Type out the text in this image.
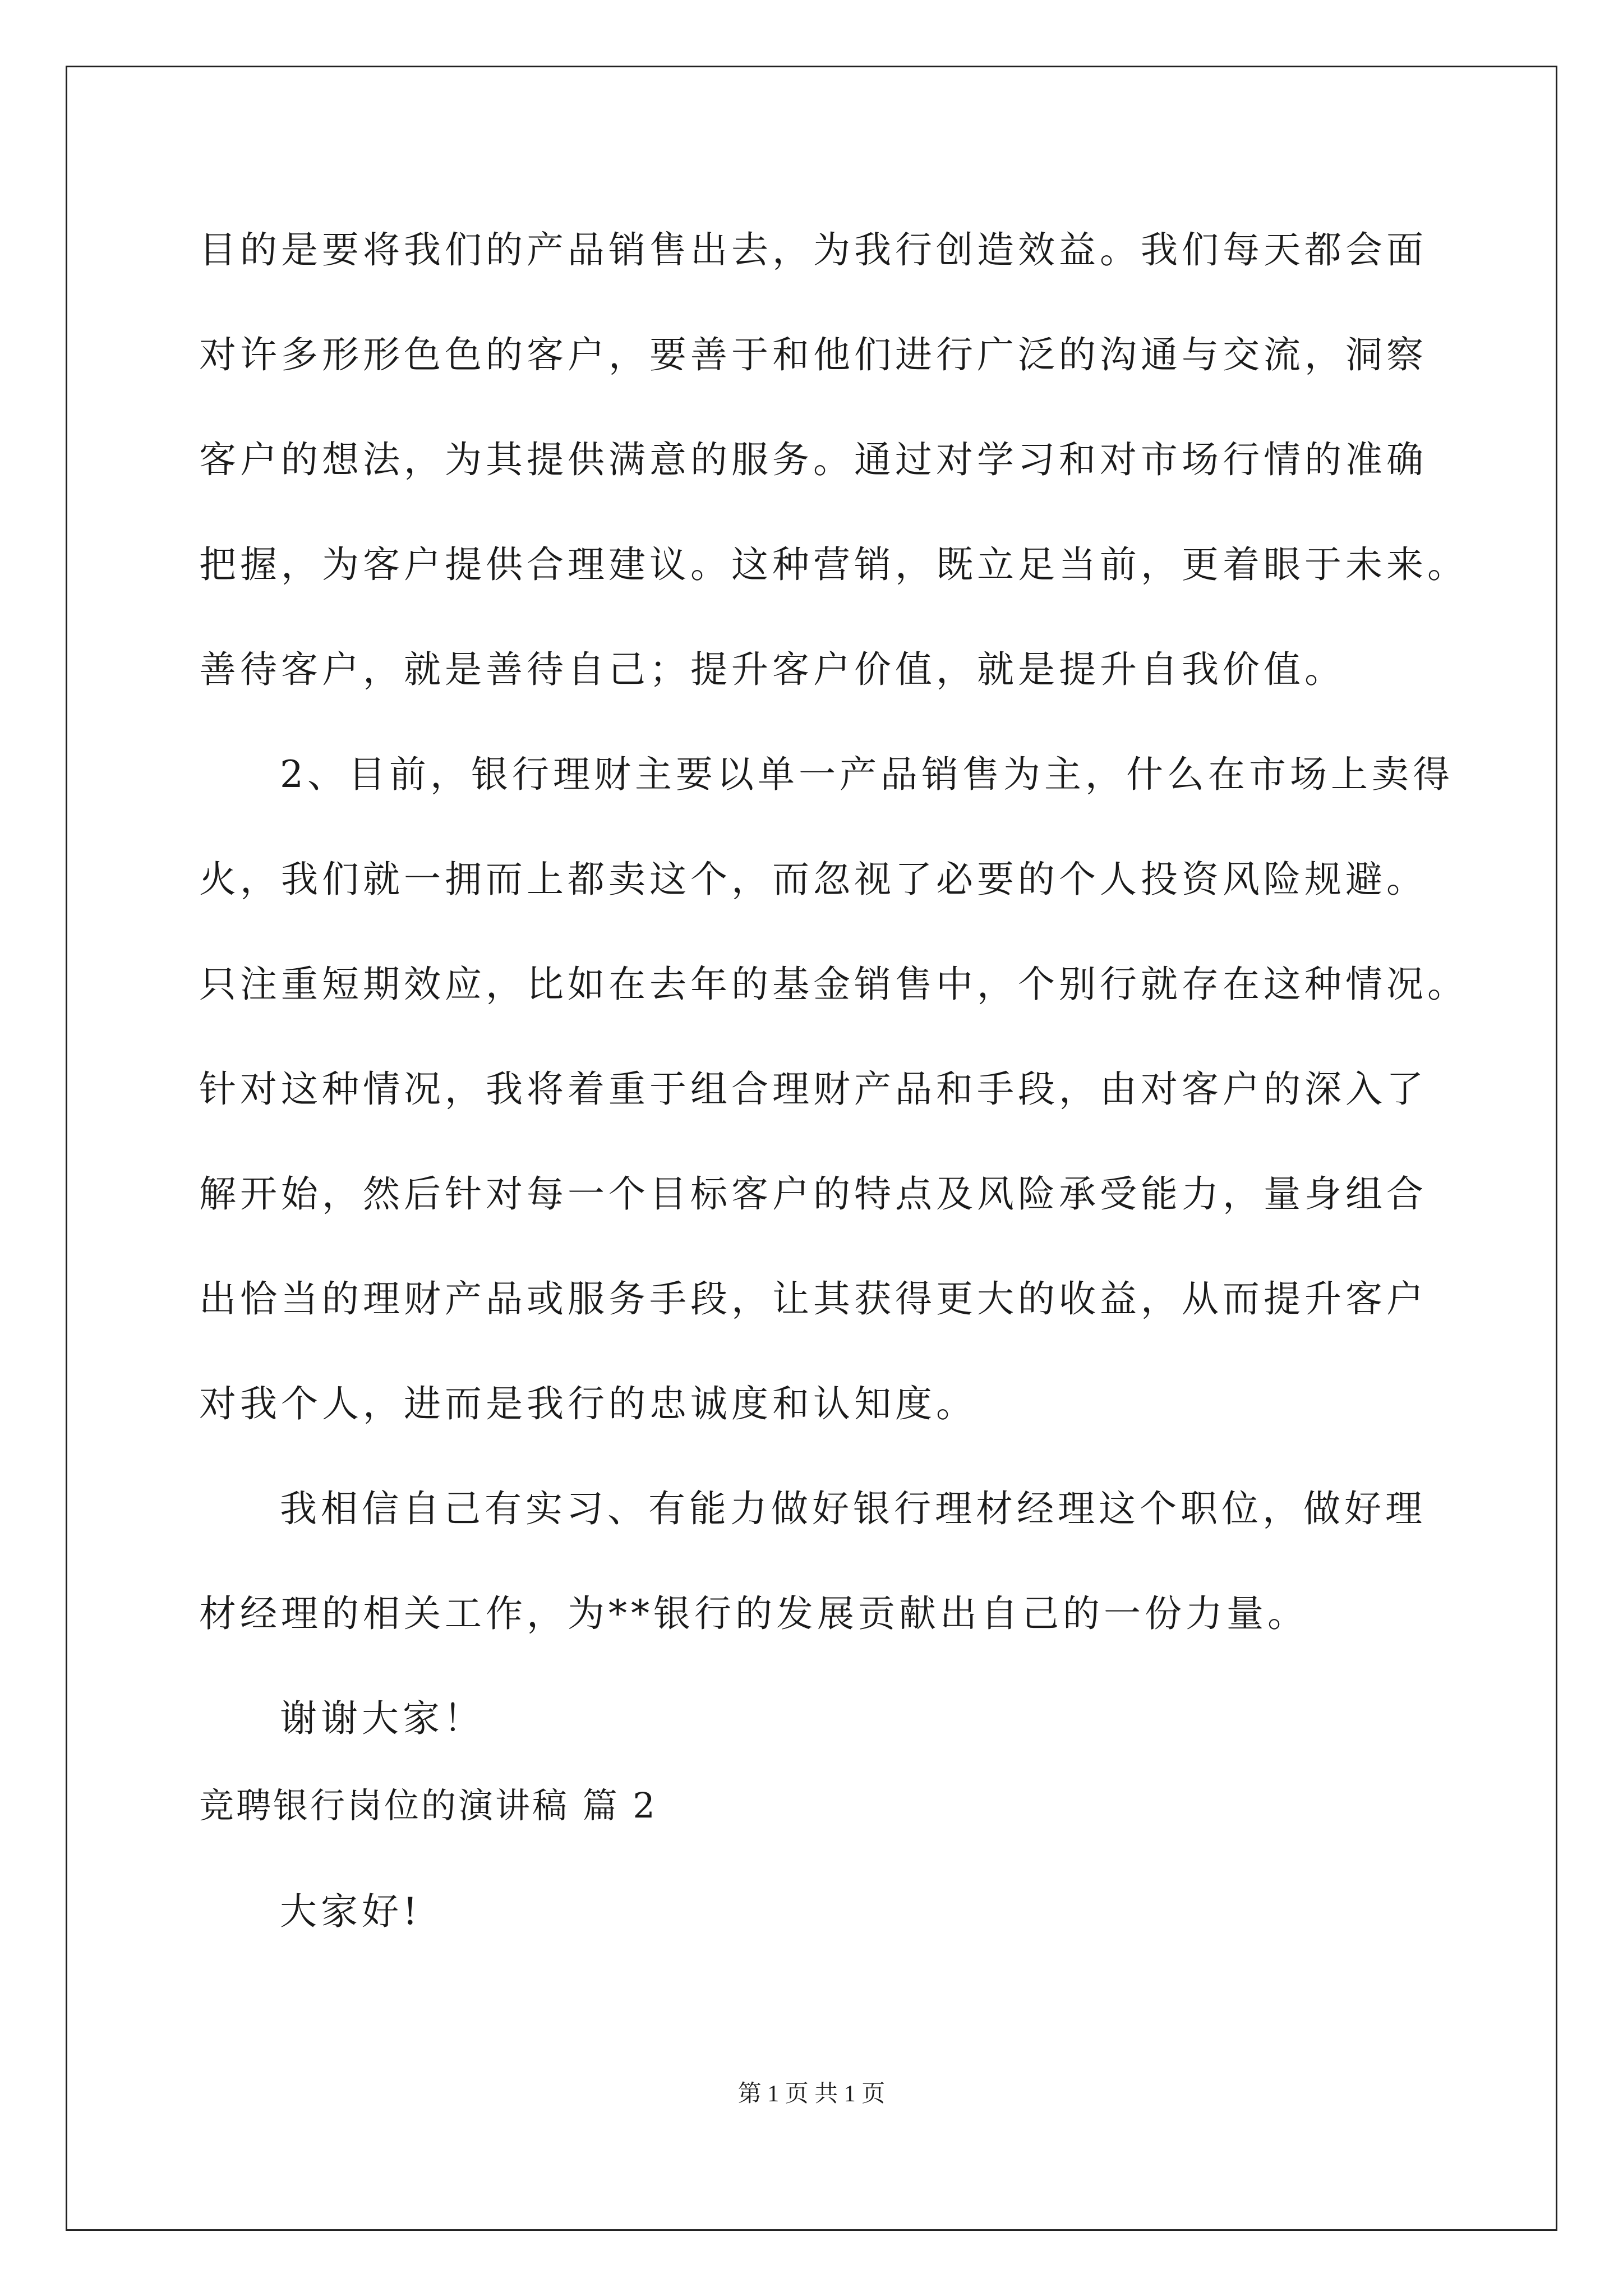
目的是要将我们的产品销售出去，为我行创造效益。我们每天都会面
对许多形形色色的客户，要善于和他们进行广泛的沟通与交流，洞察
客户的想法，为其提供满意的服务。通过对学习和对市场行情的准确
把握，为客户提供合理建议。这种营销，既立足当前，更着眼于未来。
善待客户，就是善待自己；提升客户价值，就是提升自我价值。
2、目前，银行理财主要以单一产品销售为主，什么在市场上卖得
火，我们就一拥而上都卖这个，而忽视了必要的个人投资风险规避。
只注重短期效应，比如在去年的基金销售中，个别行就存在这种情况。
针对这种情况，我将着重于组合理财产品和手段，由对客户的深入了
解开始，然后针对每一个目标客户的特点及风险承受能力，量身组合
出恰当的理财产品或服务手段，让其获得更大的收益，从而提升客户
对我个人，进而是我行的忠诚度和认知度。
我相信自己有实习、有能力做好银行理材经理这个职位，做好理
材经理的相关工作，为**银行的发展贡献出自己的一份力量。
谢谢大家！
竞聘银行岗位的演讲稿 篇 2
大家好!
第 1 页 共 1 页
